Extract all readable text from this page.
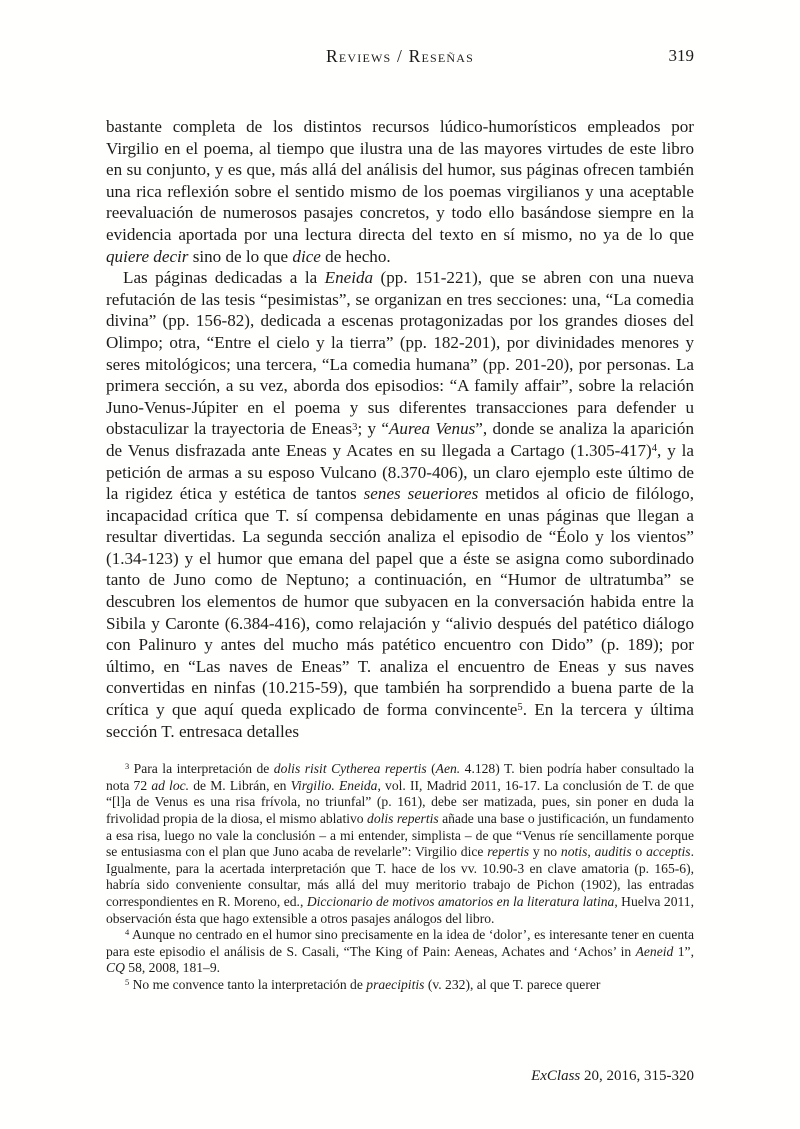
Reviews / Reseñas	319

bastante completa de los distintos recursos lúdico-humorísticos empleados por Virgilio en el poema, al tiempo que ilustra una de las mayores virtudes de este libro en su conjunto, y es que, más allá del análisis del humor, sus páginas ofrecen también una rica reflexión sobre el sentido mismo de los poemas virgilianos y una aceptable reevaluación de numerosos pasajes concretos, y todo ello basándose siempre en la evidencia aportada por una lectura directa del texto en sí mismo, no ya de lo que quiere decir sino de lo que dice de hecho.

Las páginas dedicadas a la Eneida (pp. 151-221), que se abren con una nueva refutación de las tesis “pesimistas”, se organizan en tres secciones: una, “La comedia divina” (pp. 156-82), dedicada a escenas protagonizadas por los grandes dioses del Olimpo; otra, “Entre el cielo y la tierra” (pp. 182-201), por divinidades menores y seres mitológicos; una tercera, “La comedia humana” (pp. 201-20), por personas. La primera sección, a su vez, aborda dos episodios: “A family affair”, sobre la relación Juno-Venus-Júpiter en el poema y sus diferentes transacciones para defender u obstaculizar la trayectoria de Eneas$^3$; y “Aurea Venus”, donde se analiza la aparición de Venus disfrazada ante Eneas y Acates en su llegada a Cartago $(1.305-417)^4$, y la petición de armas a su esposo Vulcano (8.370-406), un claro ejemplo este último de la rigidez ética y estética de tantos senes seueriores metidos al oficio de filólogo, incapacidad crítica que T. sí compensa debidamente en unas páginas que llegan a resultar divertidas. La segunda sección analiza el episodio de “Éolo y los vientos” (1.34-123) y el humor que emana del papel que a éste se asigna como subordinado tanto de Juno como de Neptuno; a continuación, en “Humor de ultratumba” se descubren los elementos de humor que subyacen en la conversación habida entre la Sibila y Caronte (6.384-416), como relajación y “alivio después del patético diálogo con Palinuro y antes del mucho más patético encuentro con Dido” (p. 189); por último, en “Las naves de Eneas” T. analiza el encuentro de Eneas y sus naves convertidas en ninfas (10.215-59), que también ha sorprendido a buena parte de la crítica y que aquí queda explicado de forma convincente$^5$. En la tercera y última sección T. entresaca detalles

$^3$ Para la interpretación de dolis risit Cytherea repertis (Aen. 4.128) T. bien podría haber consultado la nota 72 ad loc. de M. Librán, en Virgilio. Eneida, vol. II, Madrid 2011, 16-17. La conclusión de T. de que “[l]a de Venus es una risa frívola, no triunfal” (p. 161), debe ser matizada, pues, sin poner en duda la frivolidad propia de la diosa, el mismo ablativo dolis repertis añade una base o justificación, un fundamento a esa risa, luego no vale la conclusión – a mi entender, simplista – de que “Venus ríe sencillamente porque se entusiasma con el plan que Juno acaba de revelarle”: Virgilio dice repertis y no notis, auditis o acceptis. Igualmente, para la acertada interpretación que T. hace de los vv. 10.90-3 en clave amatoria (p. 165-6), habría sido conveniente consultar, más allá del muy meritorio trabajo de Pichon (1902), las entradas correspondientes en R. Moreno, ed., Diccionario de motivos amatorios en la literatura latina, Huelva 2011, observación ésta que hago extensible a otros pasajes análogos del libro.

$^4$ Aunque no centrado en el humor sino precisamente en la idea de ‘dolor’, es interesante tener en cuenta para este episodio el análisis de S. Casali, “The King of Pain: Aeneas, Achates and ‘Achos’ in Aeneid 1”, CQ 58, 2008, 181–9.

$^5$ No me convence tanto la interpretación de praecipitis (v. 232), al que T. parece querer

ExClass 20, 2016, 315-320
